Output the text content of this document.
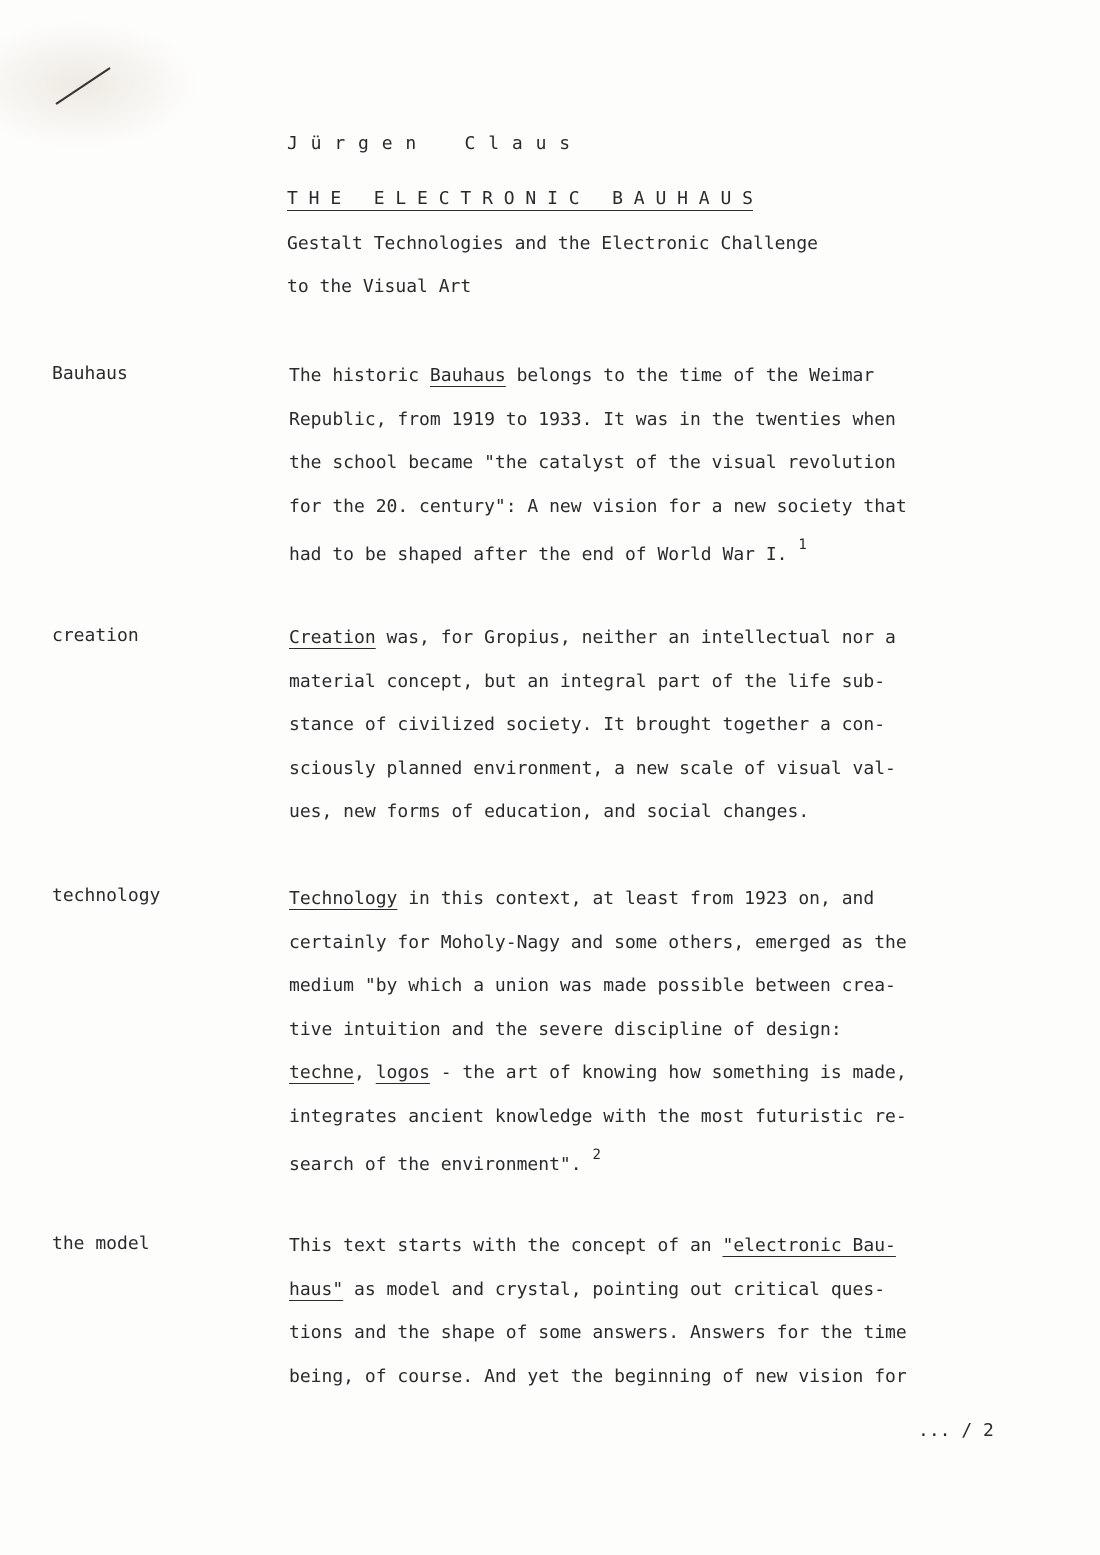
J ü r g e n    C l a u s
T H E   E L E C T R O N I C   B A U H A U S
Gestalt Technologies and the Electronic Challenge
to the Visual Art
Bauhaus	The historic Bauhaus belongs to the time of the Weimar
Republic, from 1919 to 1933. It was in the twenties when
the school became "the catalyst of the visual revolution
for the 20. century": A new vision for a new society that
had to be shaped after the end of World War I. $^1$
creation	Creation was, for Gropius, neither an intellectual nor a
material concept, but an integral part of the life sub-
stance of civilized society. It brought together a con-
sciously planned environment, a new scale of visual val-
ues, new forms of education, and social changes.
technology	Technology in this context, at least from 1923 on, and
certainly for Moholy-Nagy and some others, emerged as the
medium "by which a union was made possible between crea-
tive intuition and the severe discipline of design:
techne, logos - the art of knowing how something is made,
integrates ancient knowledge with the most futuristic re-
search of the environment". $^2$
the model	This text starts with the concept of an "electronic Bau-
haus" as model and crystal, pointing out critical ques-
tions and the shape of some answers. Answers for the time
being, of course. And yet the beginning of new vision for
... / 2
